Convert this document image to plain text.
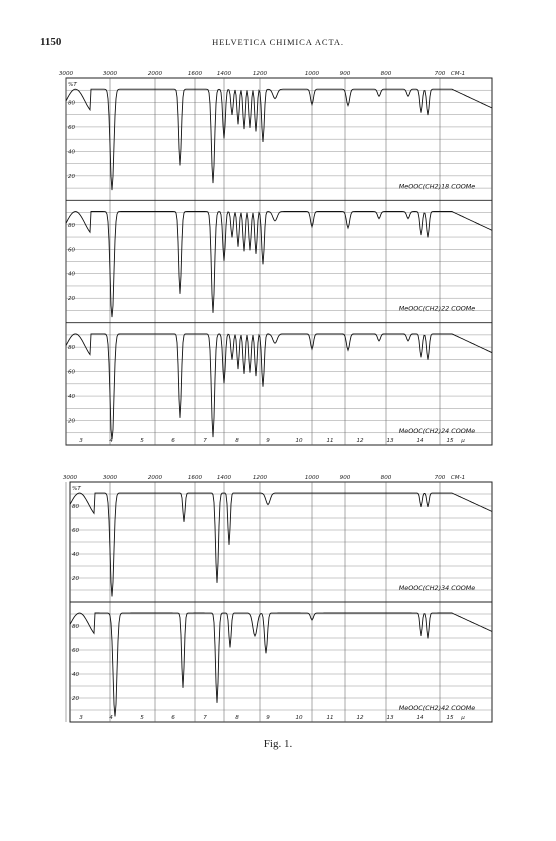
1150	HELVETICA CHIMICA ACTA.
3000	2000	1600	1400	1200	1000	900	800	700 CM-1
3000
3	4	5	6	7	8	9	10	11	12	13	14	15 μ
80
60
40
20
%T
MeOOC(CH2)18 COOMe
80
60
40
20
MeOOC(CH2)22 COOMe
80
60
40
20
MeOOC(CH2)24 COOMe
3000	2000	1600	1400	1200	1000	900	800	700 CM-1
3000
3	4	5	6	7	8	9	10	11	12	13	14	15 μ
80
60
40
20
%T
MeOOC(CH2)34 COOMe
80
60
40
20
MeOOC(CH2)42 COOMe
Fig. 1.
